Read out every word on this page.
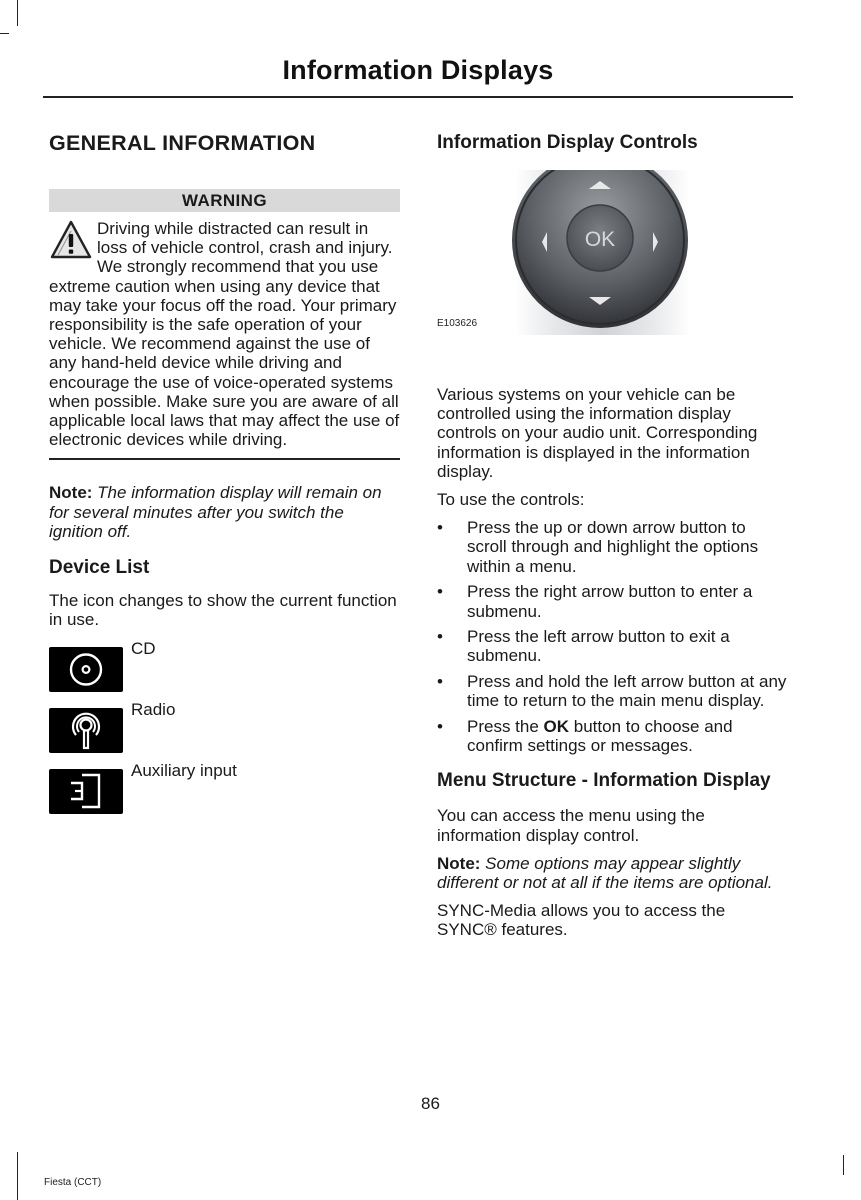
Information Displays
GENERAL INFORMATION
WARNING

Driving while distracted can result in loss of vehicle control, crash and injury. We strongly recommend that you use extreme caution when using any device that may take your focus off the road. Your primary responsibility is the safe operation of your vehicle. We recommend against the use of any hand-held device while driving and encourage the use of voice-operated systems when possible. Make sure you are aware of all applicable local laws that may affect the use of electronic devices while driving.

Note: The information display will remain on for several minutes after you switch the ignition off.

Device List

The icon changes to show the current function in use.

CD
Radio
Auxiliary input
Information Display Controls
OK
E103626

Various systems on your vehicle can be controlled using the information display controls on your audio unit. Corresponding information is displayed in the information display.

To use the controls:

• Press the up or down arrow button to scroll through and highlight the options within a menu.
• Press the right arrow button to enter a submenu.
• Press the left arrow button to exit a submenu.
• Press and hold the left arrow button at any time to return to the main menu display.
• Press the OK button to choose and confirm settings or messages.
Menu Structure - Information Display

You can access the menu using the information display control.

Note: Some options may appear slightly different or not at all if the items are optional.

SYNC-Media allows you to access the SYNC® features.

86
Fiesta (CCT)
